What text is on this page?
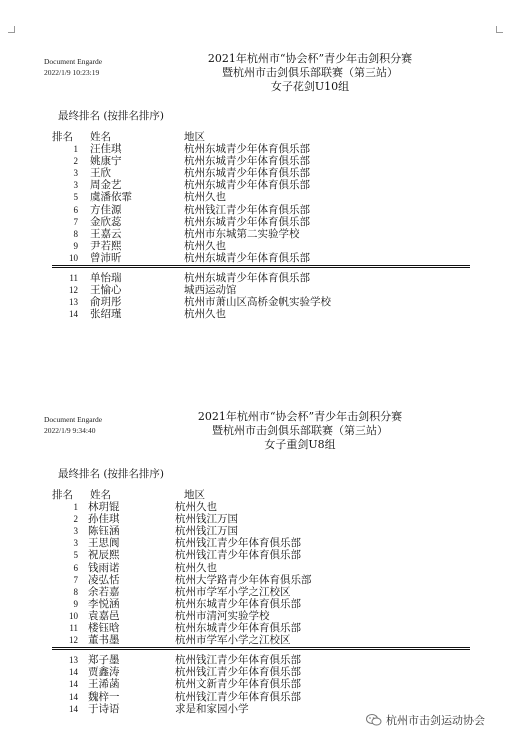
Document Engarde
2022/1/9 10:23:19
2021年杭州市“协会杯”青少年击剑积分赛
暨杭州市击剑俱乐部联赛（第三站）
女子花剑U10组
最终排名 (按排名排序)
排名 姓名	地区
1 汪佳琪	杭州东城青少年体育俱乐部
2 姚康宁	杭州东城青少年体育俱乐部
3 王欣	杭州东城青少年体育俱乐部
3 周金艺	杭州东城青少年体育俱乐部
5 虞潘依霏	杭州久也
6 方佳源	杭州钱江青少年体育俱乐部
7 金欣蕊	杭州东城青少年体育俱乐部
8 王嘉云	杭州市东城第二实验学校
9 尹若熙	杭州久也
10 曾沛昕	杭州东城青少年体育俱乐部
11 单怡瑞	杭州东城青少年体育俱乐部
12 王愉心	城西运动馆
13 俞玥彤	杭州市萧山区高桥金帆实验学校
14 张绍瑾	杭州久也
Document Engarde
2022/1/9 9:34:40
2021年杭州市“协会杯”青少年击剑积分赛
暨杭州市击剑俱乐部联赛（第三站）
女子重剑U8组
最终排名 (按排名排序)
排名 姓名	地区
1 林玥锟	杭州久也
2 孙佳琪	杭州钱江万国
3 陈钰涵	杭州钱江万国
3 王思阆	杭州钱江青少年体育俱乐部
5 祝辰熙	杭州钱江青少年体育俱乐部
6 钱雨诺	杭州久也
7 凌弘恬	杭州大学路青少年体育俱乐部
8 余若嘉	杭州市学军小学之江校区
9 李悦涵	杭州东城青少年体育俱乐部
10 袁嘉邑	杭州市清河实验学校
11 楼钰晗	杭州东城青少年体育俱乐部
12 董书墨	杭州市学军小学之江校区
13 郑子墨	杭州钱江青少年体育俱乐部
14 贾鑫涛	杭州钱江青少年体育俱乐部
14 王浠菡	杭州文新青少年体育俱乐部
14 魏梓一	杭州钱江青少年体育俱乐部
14 于诗语	求是和家园小学
杭州市击剑运动协会
